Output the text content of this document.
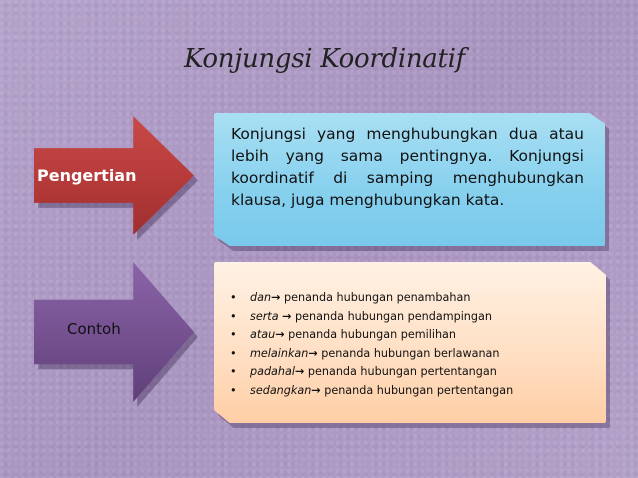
Konjungsi Koordinatif
Pengertian
Konjungsi yang menghubungkan dua atau lebih yang sama pentingnya. Konjungsi koordinatif di samping menghubungkan klausa, juga menghubungkan kata.
Contoh
• dan→ penanda hubungan penambahan
• serta → penanda hubungan pendampingan
• atau→ penanda hubungan pemilihan
• melainkan→ penanda hubungan berlawanan
• padahal→ penanda hubungan pertentangan
• sedangkan→ penanda hubungan pertentangan
